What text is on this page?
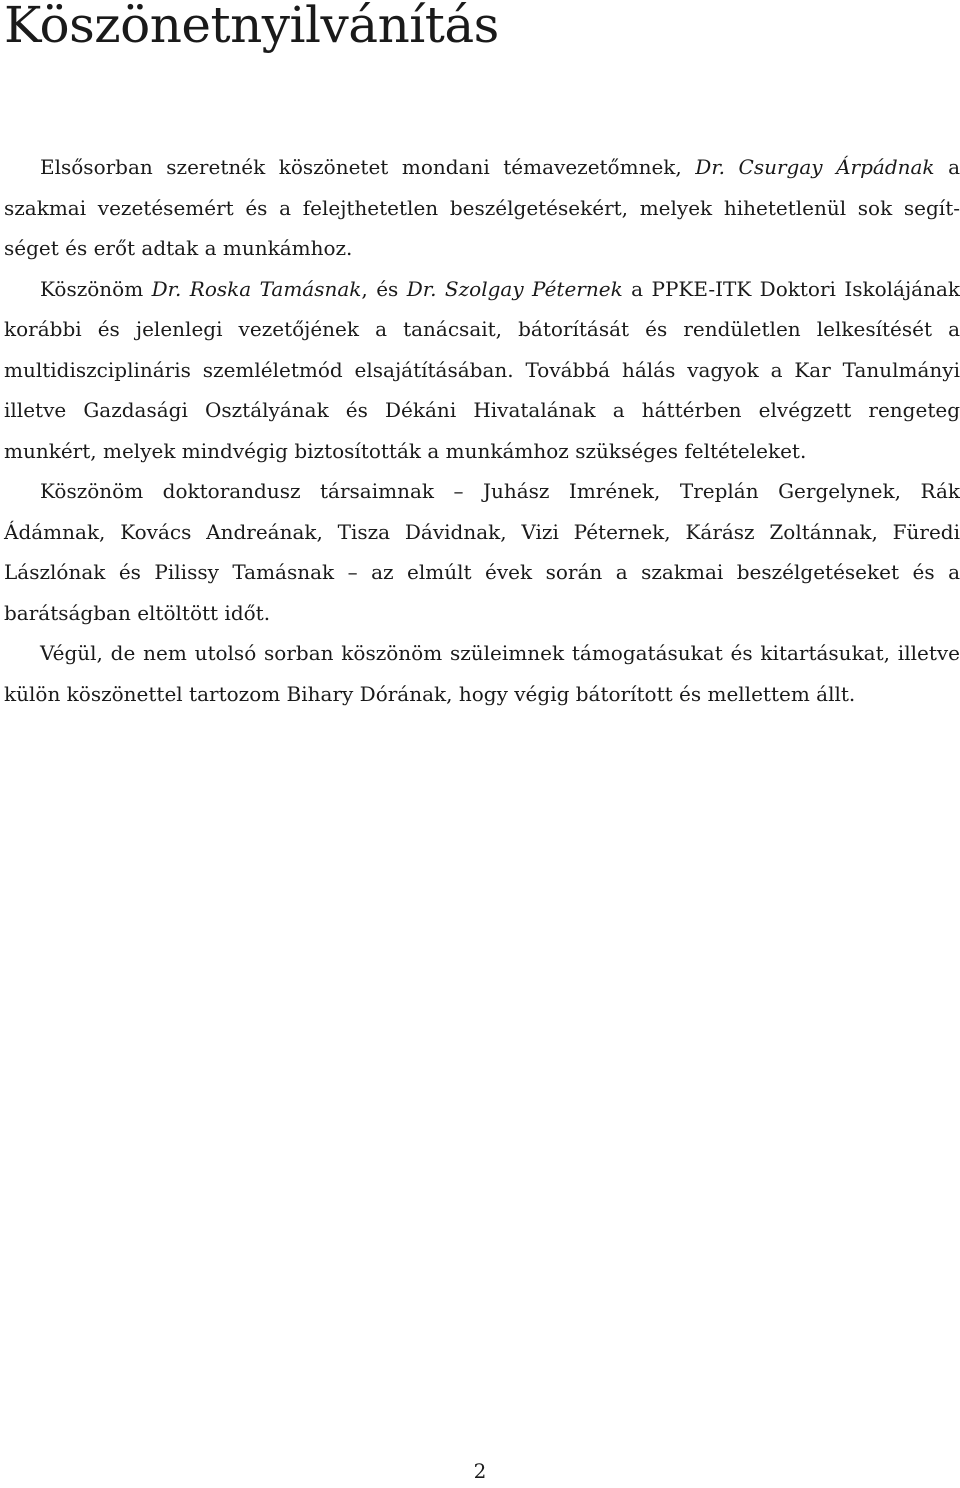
Köszönetnyilvánítás

Elsősorban szeretnék köszönetet mondani témavezetőmnek, Dr. Csurgay Árpádnak a szakmai vezetésemért és a felejthetetlen beszélgetésekért, melyek hihetetlenül sok segítséget és erőt adtak a munkámhoz.

Köszönöm Dr. Roska Tamásnak, és Dr. Szolgay Péternek a PPKE-ITK Doktori Iskolájának korábbi és jelenlegi vezetőjének a tanácsait, bátorítását és rendületlen lelkesítését a multidiszciplináris szemléletmód elsajátításában. Továbbá hálás vagyok a Kar Tanulmányi illetve Gazdasági Osztályának és Dékáni Hivatalának a háttérben elvégzett rengeteg munkért, melyek mindvégig biztosították a munkámhoz szükséges feltételeket.

Köszönöm doktorandusz társaimnak – Juhász Imrének, Treplán Gergelynek, Rák Ádámnak, Kovács Andreának, Tisza Dávidnak, Vizi Péternek, Kárász Zoltánnak, Füredi Lászlónak és Pilissy Tamásnak – az elmúlt évek során a szakmai beszélgetéseket és a barátságban eltöltött időt.

Végül, de nem utolsó sorban köszönöm szüleimnek támogatásukat és kitartásukat, illetve külön köszönettel tartozom Bihary Dórának, hogy végig bátorított és mellettem állt.

2
